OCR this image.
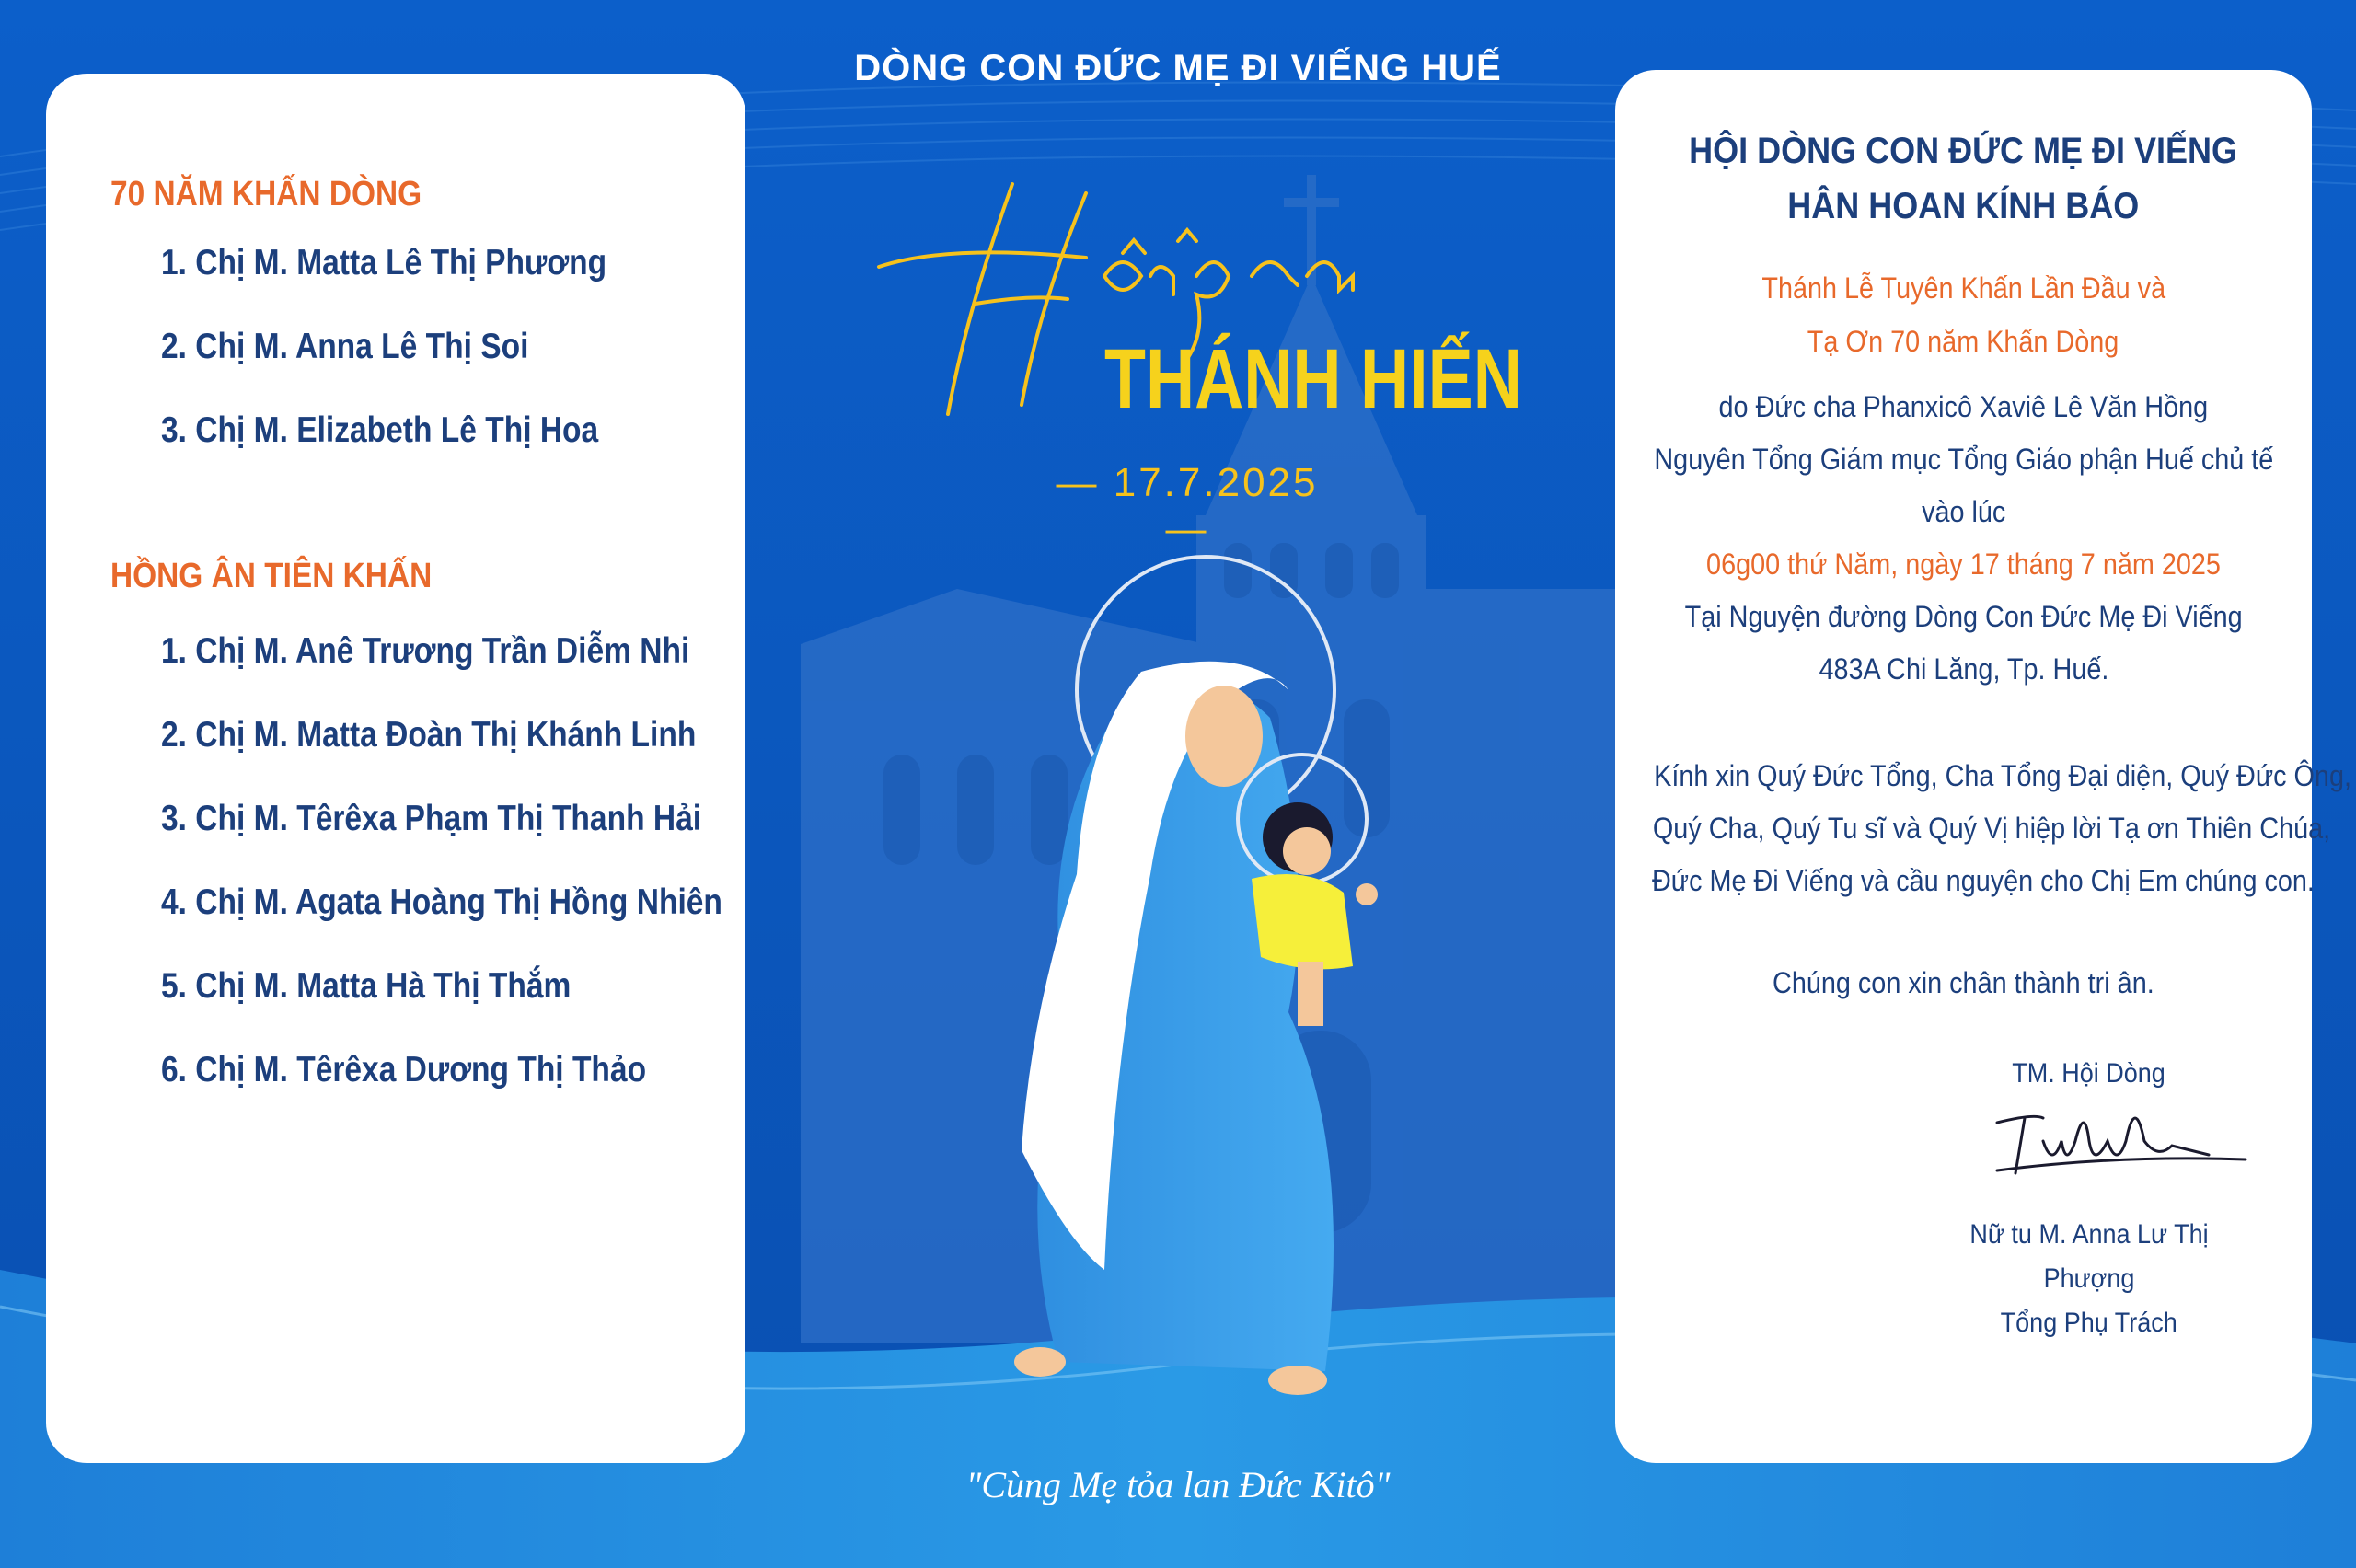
DÒNG CON ĐỨC MẸ ĐI VIẾNG HUẾ
THÁNH HIẾN
— 17.7.2025 —
"Cùng Mẹ tỏa lan Đức Kitô"
70 NĂM KHẤN DÒNG
1. Chị M. Matta Lê Thị Phương
2. Chị M. Anna Lê Thị Soi
3. Chị M. Elizabeth Lê Thị Hoa
HỒNG ÂN TIÊN KHẤN
1. Chị M. Anê Trương Trần Diễm Nhi
2. Chị M. Matta Đoàn Thị Khánh Linh
3. Chị M. Têrêxa Phạm Thị Thanh Hải
4. Chị M. Agata Hoàng Thị Hồng Nhiên
5. Chị M. Matta Hà Thị Thắm
6. Chị M. Têrêxa Dương Thị Thảo
HỘI DÒNG CON ĐỨC MẸ ĐI VIẾNG
HÂN HOAN KÍNH BÁO
Thánh Lễ Tuyên Khấn Lần Đầu và
Tạ Ơn 70 năm Khấn Dòng
do Đức cha Phanxicô Xaviê Lê Văn Hồng
Nguyên Tổng Giám mục Tổng Giáo phận Huế chủ tế
vào lúc
06g00 thứ Năm, ngày 17 tháng 7 năm 2025
Tại Nguyện đường Dòng Con Đức Mẹ Đi Viếng
483A Chi Lăng, Tp. Huế.
Kính xin Quý Đức Tổng, Cha Tổng Đại diện, Quý Đức Ông,
Quý Cha, Quý Tu sĩ và Quý Vị hiệp lời Tạ ơn Thiên Chúa,
Đức Mẹ Đi Viếng và cầu nguyện cho Chị Em chúng con.
Chúng con xin chân thành tri ân.
TM. Hội Dòng
Nữ tu M. Anna Lư Thị Phượng
Tổng Phụ Trách
